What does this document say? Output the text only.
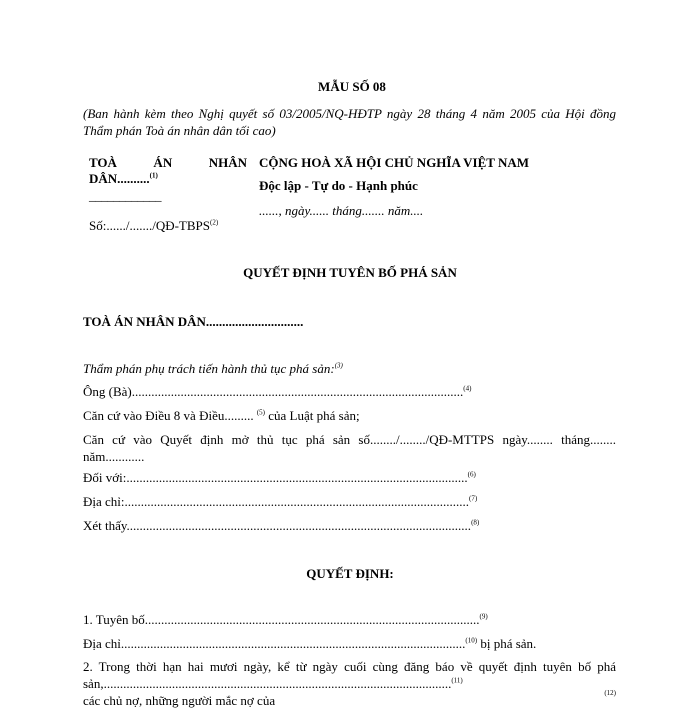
MẪU SỐ 08
(Ban hành kèm theo Nghị quyết số 03/2005/NQ-HĐTP ngày 28 tháng 4 năm 2005 của Hội đồng
Thẩm phán Toà án nhân dân tối cao)
TOÀ ÁN NHÂN
DÂN..........$^{(1)}$
____________
Số:....../......./QĐ-TBPS$^{(2)}$
CỘNG HOÀ XÃ HỘI CHỦ NGHĨA VIỆT NAM
Độc lập - Tự do - Hạnh phúc
......, ngày...... tháng....... năm....
QUYẾT ĐỊNH TUYÊN BỐ PHÁ SẢN
TOÀ ÁN NHÂN DÂN..............................
Thẩm phán phụ trách tiến hành thủ tục phá sản:$^{(3)}$
Ông (Bà)......................................................................................................$^{(4)}$
Căn cứ vào Điều 8 và Điều......... $^{(5)}$ của Luật phá sản;
Căn cứ vào Quyết định mở thủ tục phá sản số......../......../QĐ-MTTPS ngày........ tháng........
năm............
Đối với:.........................................................................................................$^{(6)}$
Địa chỉ:..........................................................................................................$^{(7)}$
Xét thấy..........................................................................................................$^{(8)}$
QUYẾT ĐỊNH:
1. Tuyên bố.......................................................................................................$^{(9)}$
Địa chỉ..........................................................................................................$^{(10)}$ bị phá sản.
2. Trong thời hạn hai mươi ngày, kể từ ngày cuối cùng đăng báo về quyết định tuyên bố phá
sản,...........................................................................................................$^{(11)}$
các chủ nợ, những người mắc nợ của	(12)
